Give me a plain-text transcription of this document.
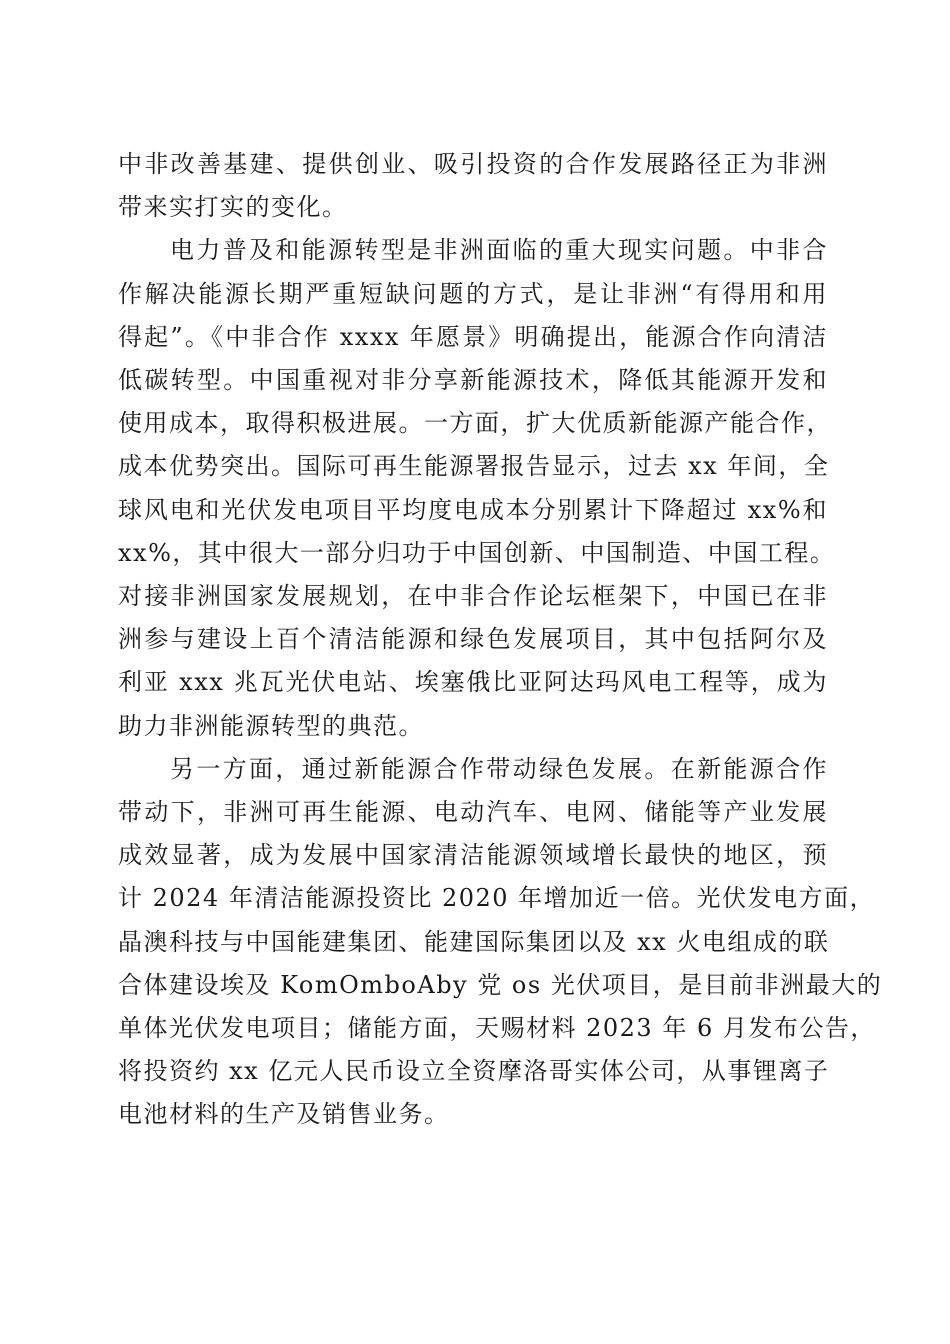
中非改善基建、提供创业、吸引投资的合作发展路径正为非洲
带来实打实的变化。

电力普及和能源转型是非洲面临的重大现实问题。中非合
作解决能源长期严重短缺问题的方式，是让非洲“有得用和用
得起”。《中非合作 xxxx 年愿景》明确提出，能源合作向清洁
低碳转型。中国重视对非分享新能源技术，降低其能源开发和
使用成本，取得积极进展。一方面，扩大优质新能源产能合作，
成本优势突出。国际可再生能源署报告显示，过去 xx 年间，全
球风电和光伏发电项目平均度电成本分别累计下降超过 xx%和
xx%，其中很大一部分归功于中国创新、中国制造、中国工程。
对接非洲国家发展规划，在中非合作论坛框架下，中国已在非
洲参与建设上百个清洁能源和绿色发展项目，其中包括阿尔及
利亚 xxx 兆瓦光伏电站、埃塞俄比亚阿达玛风电工程等，成为
助力非洲能源转型的典范。

另一方面，通过新能源合作带动绿色发展。在新能源合作
带动下，非洲可再生能源、电动汽车、电网、储能等产业发展
成效显著，成为发展中国家清洁能源领域增长最快的地区，预
计 2024 年清洁能源投资比 2020 年增加近一倍。光伏发电方面，
晶澳科技与中国能建集团、能建国际集团以及 xx 火电组成的联
合体建设埃及 KomOmboAby 党 os 光伏项目，是目前非洲最大的
单体光伏发电项目；储能方面，天赐材料 2023 年 6 月发布公告，
将投资约 xx 亿元人民币设立全资摩洛哥实体公司，从事锂离子
电池材料的生产及销售业务。
